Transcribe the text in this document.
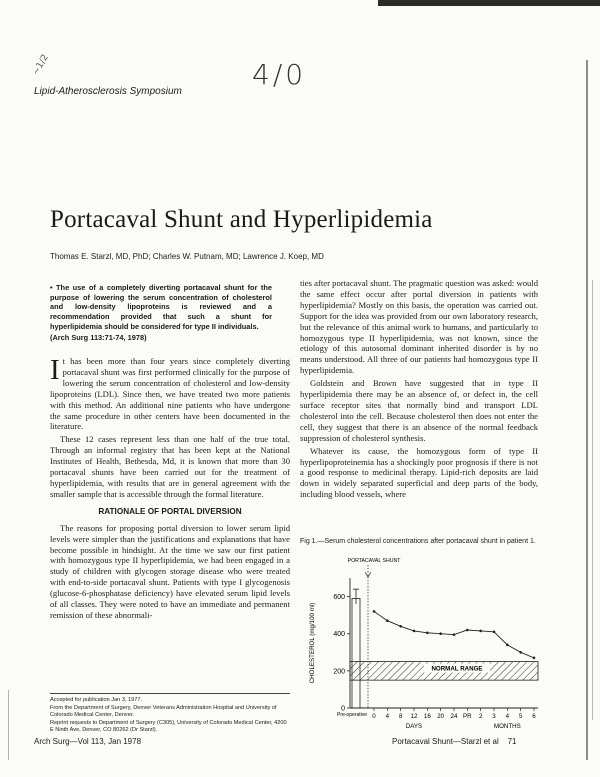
4/0
~1/2
Lipid-Atherosclerosis Symposium
Portacaval Shunt and Hyperlipidemia
Thomas E. Starzl, MD, PhD; Charles W. Putnam, MD; Lawrence J. Koep, MD
• The use of a completely diverting portacaval shunt for the purpose of lowering the serum concentration of cholesterol and low-density lipoproteins is reviewed and a recommendation provided that such a shunt for hyperlipidemia should be considered for type II individuals.
(Arch Surg 113:71-74, 1978)

It has been more than four years since completely diverting portacaval shunt was first performed clinically for the purpose of lowering the serum concentration of cholesterol and low-density lipoproteins (LDL). Since then, we have treated two more patients with this method. An additional nine patients who have undergone the same procedure in other centers have been documented in the literature.

These 12 cases represent less than one half of the true total. Through an informal registry that has been kept at the National Institutes of Health, Bethesda, Md, it is known that more than 30 portacaval shunts have been carried out for the treatment of hyperlipidemia, with results that are in general agreement with the smaller sample that is accessible through the formal literature.

RATIONALE OF PORTAL DIVERSION

The reasons for proposing portal diversion to lower serum lipid levels were simpler than the justifications and explanations that have become possible in hindsight. At the time we saw our first patient with homozygous type II hyperlipidemia, we had been engaged in a study of children with glycogen storage disease who were treated with end-to-side portacaval shunt. Patients with type I glycogenosis (glucose-6-phosphatase deficiency) have elevated serum lipid levels of all classes. They were noted to have an immediate and permanent remission of these abnormali-

Accepted for publication Jan 3, 1977.
From the Department of Surgery, Denver Veterans Administration Hospital and University of Colorado Medical Center, Denver.
Reprint requests to Department of Surgery (C305), University of Colorado Medical Center, 4200 E Ninth Ave, Denver, CO 80262 (Dr Starzl).

ties after portacaval shunt. The pragmatic question was asked: would the same effect occur after portal diversion in patients with hyperlipidemia? Mostly on this basis, the operation was carried out. Support for the idea was provided from our own laboratory research, but the relevance of this animal work to humans, and particularly to homozygous type II hyperlipidemia, was not known, since the etiology of this autosomal dominant inherited disorder is by no means understood. All three of our patients had homozygous type II hyperlipidemia.

Goldstein and Brown have suggested that in type II hyperlipidemia there may be an absence of, or defect in, the cell surface receptor sites that normally bind and transport LDL cholesterol into the cell. Because cholesterol then does not enter the cell, they suggest that there is an absence of the normal feedback suppression of cholesterol synthesis.

Whatever its cause, the homozygous form of type II hyperlipoproteinemia has a shockingly poor prognosis if there is not a good response to medicinal therapy. Lipid-rich deposits are laid down in widely separated superficial and deep parts of the body, including blood vessels, where

Fig 1.—Serum cholesterol concentrations after portacaval shunt in patient 1.
NORMAL RANGE
0
200
400
600
CHOLESTEROL (mg/100 ml)
Pre-operative
PORTACAVAL SHUNT
0 4 8 12 16 20 24 PR 2 3 4 5 6
DAYS	MONTHS
Arch Surg—Vol 113, Jan 1978	Portacaval Shunt—Starzl et al 71
